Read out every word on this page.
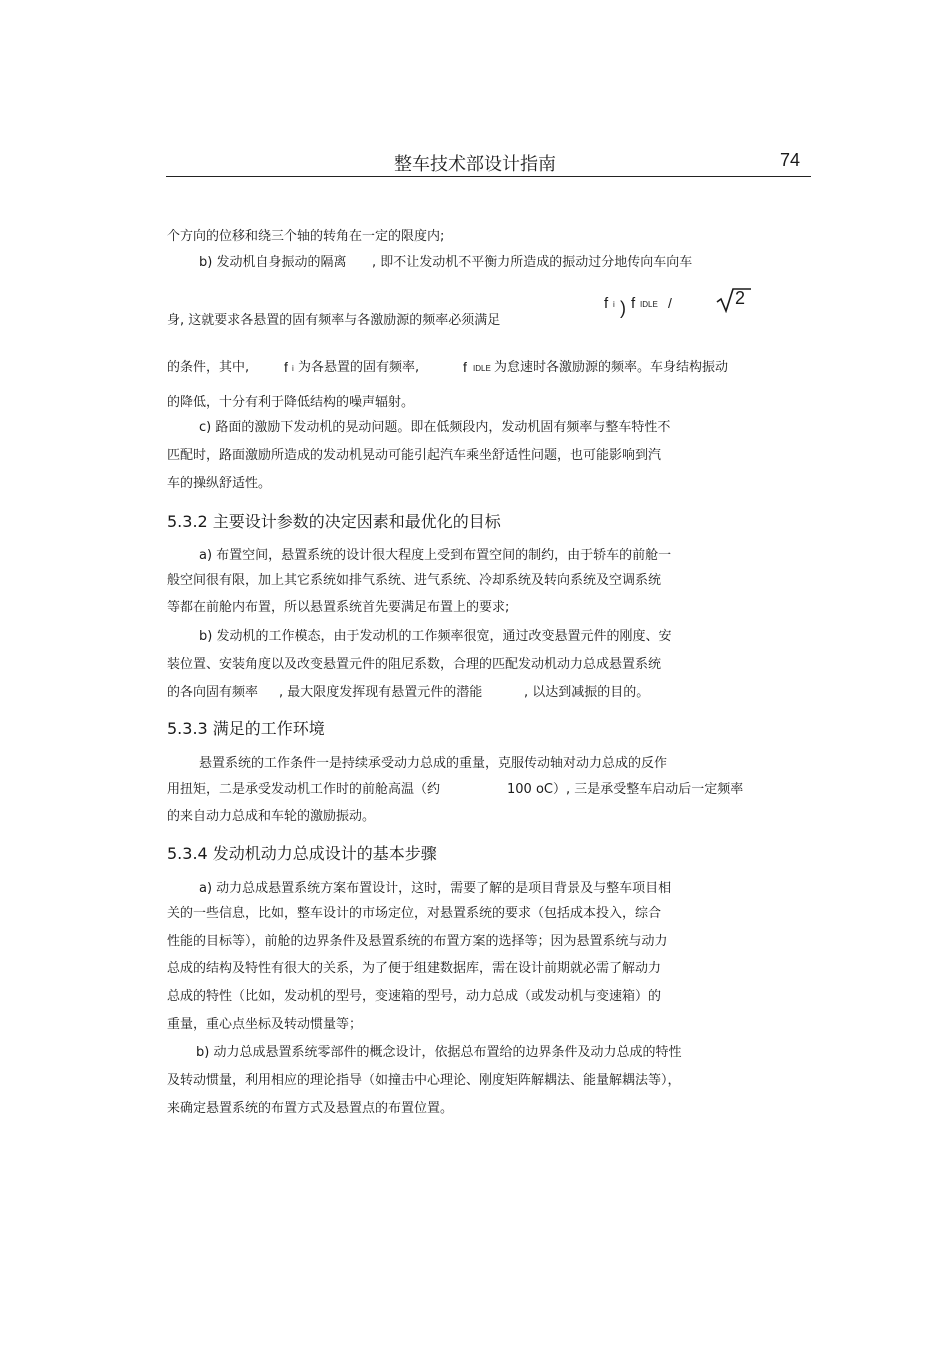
整车技术部设计指南	74
个方向的位移和绕三个轴的转角在一定的限度内;
b) 发动机自身振动的隔离 , 即不让发动机不平衡力所造成的振动过分地传向车向车
身, 这就要求各悬置的固有频率与各激励源的频率必须满足
f i ) f IDLE /	2
的条件，其中, f i 为各悬置的固有频率,	f IDLE 为怠速时各激励源的频率。车身结构振动
的降低，十分有利于降低结构的噪声辐射。
c) 路面的激励下发动机的晃动问题。即在低频段内，发动机固有频率与整车特性不
匹配时，路面激励所造成的发动机晃动可能引起汽车乘坐舒适性问题，也可能影响到汽
车的操纵舒适性。
5.3.2 主要设计参数的决定因素和最优化的目标
a) 布置空间，悬置系统的设计很大程度上受到布置空间的制约，由于轿车的前舱一
般空间很有限，加上其它系统如排气系统、进气系统、冷却系统及转向系统及空调系统
等都在前舱内布置，所以悬置系统首先要满足布置上的要求;
b) 发动机的工作模态，由于发动机的工作频率很宽，通过改变悬置元件的刚度、安
装位置、安装角度以及改变悬置元件的阻尼系数，合理的匹配发动机动力总成悬置系统
的各向固有频率 , 最大限度发挥现有悬置元件的潜能	, 以达到减振的目的。
5.3.3 满足的工作环境
悬置系统的工作条件一是持续承受动力总成的重量，克服传动轴对动力总成的反作
用扭矩，二是承受发动机工作时的前舱高温（约	100 oC）, 三是承受整车启动后一定频率
的来自动力总成和车轮的激励振动。
5.3.4 发动机动力总成设计的基本步骤
a) 动力总成悬置系统方案布置设计，这时，需要了解的是项目背景及与整车项目相
关的一些信息，比如，整车设计的市场定位，对悬置系统的要求（包括成本投入，综合
性能的目标等），前舱的边界条件及悬置系统的布置方案的选择等；因为悬置系统与动力
总成的结构及特性有很大的关系，为了便于组建数据库，需在设计前期就必需了解动力
总成的特性（比如，发动机的型号，变速箱的型号，动力总成（或发动机与变速箱）的
重量，重心点坐标及转动惯量等；
b) 动力总成悬置系统零部件的概念设计，依据总布置给的边界条件及动力总成的特性
及转动惯量，利用相应的理论指导（如撞击中心理论、刚度矩阵解耦法、能量解耦法等），
来确定悬置系统的布置方式及悬置点的布置位置。
